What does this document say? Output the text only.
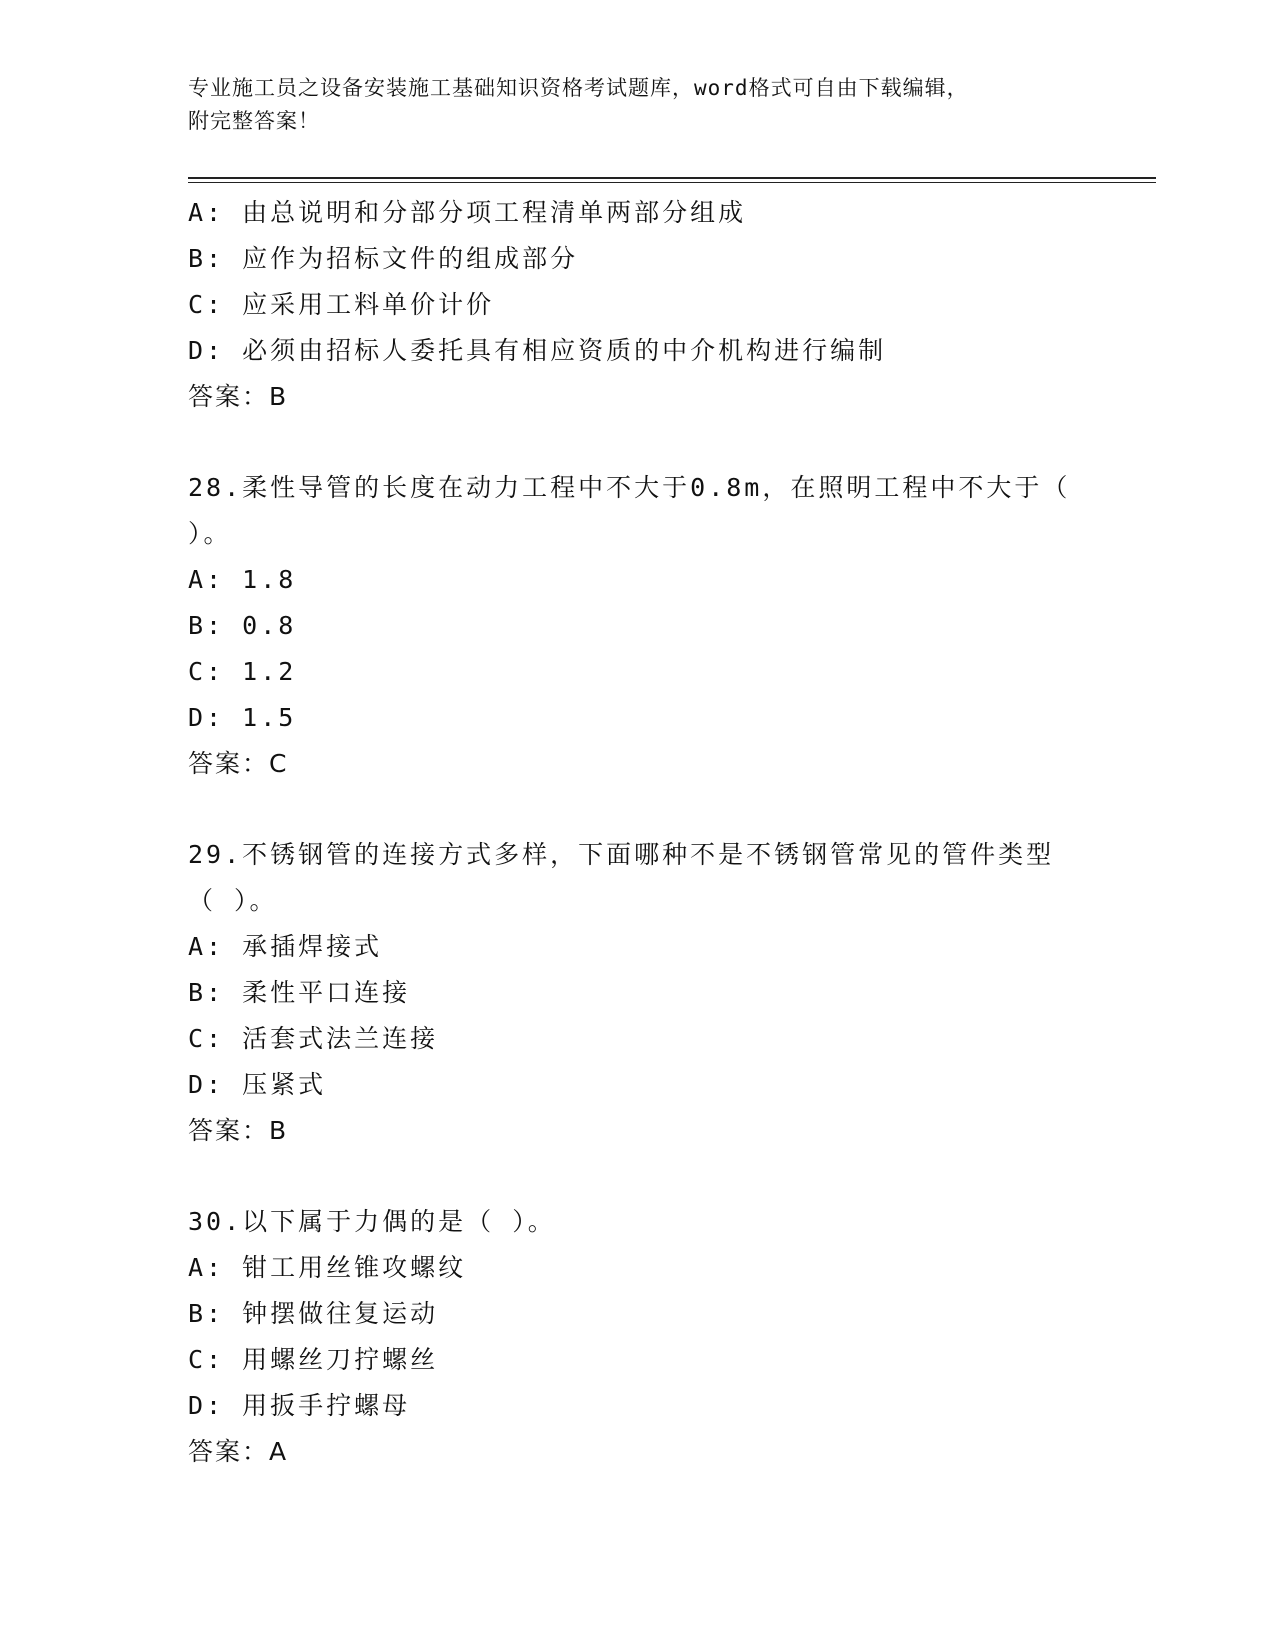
专业施工员之设备安装施工基础知识资格考试题库，word格式可自由下载编辑，
附完整答案！
A: 由总说明和分部分项工程清单两部分组成
B: 应作为招标文件的组成部分
C: 应采用工料单价计价
D: 必须由招标人委托具有相应资质的中介机构进行编制
答案：B
28.柔性导管的长度在动力工程中不大于0.8m，在照明工程中不大于（
）。
A: 1.8
B: 0.8
C: 1.2
D: 1.5
答案：C
29.不锈钢管的连接方式多样，下面哪种不是不锈钢管常见的管件类型
（ ）。
A: 承插焊接式
B: 柔性平口连接
C: 活套式法兰连接
D: 压紧式
答案：B
30.以下属于力偶的是（ ）。
A: 钳工用丝锥攻螺纹
B: 钟摆做往复运动
C: 用螺丝刀拧螺丝
D: 用扳手拧螺母
答案：A
